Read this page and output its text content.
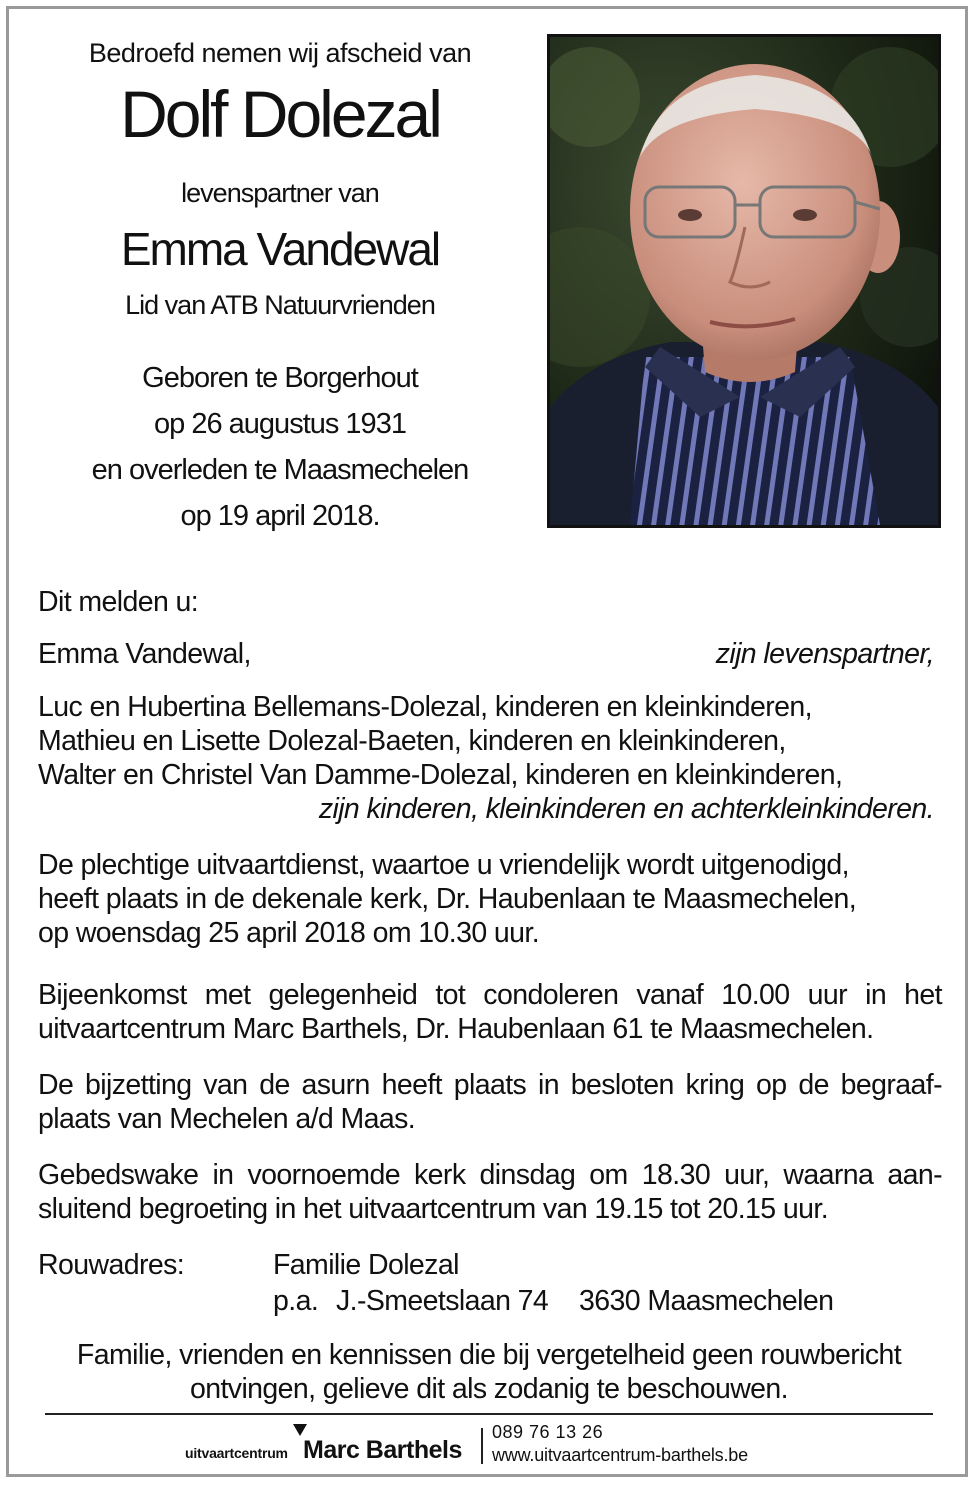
Bedroefd nemen wij afscheid van
Dolf Dolezal
levenspartner van
Emma Vandewal
Lid van ATB Natuurvrienden
Geboren te Borgerhout
op 26 augustus 1931
en overleden te Maasmechelen
op 19 april 2018.
Dit melden u:
Emma Vandewal,	zijn levenspartner,
Luc en Hubertina Bellemans-Dolezal, kinderen en kleinkinderen,
Mathieu en Lisette Dolezal-Baeten, kinderen en kleinkinderen,
Walter en Christel Van Damme-Dolezal, kinderen en kleinkinderen,
zijn kinderen, kleinkinderen en achterkleinkinderen.
De plechtige uitvaartdienst, waartoe u vriendelijk wordt uitgenodigd,
heeft plaats in de dekenale kerk, Dr. Haubenlaan te Maasmechelen,
op woensdag 25 april 2018 om 10.30 uur.
Bijeenkomst met gelegenheid tot condoleren vanaf 10.00 uur in het
uitvaartcentrum Marc Barthels, Dr. Haubenlaan 61 te Maasmechelen.
De bijzetting van de asurn heeft plaats in besloten kring op de begraaf-
plaats van Mechelen a/d Maas.
Gebedswake in voornoemde kerk dinsdag om 18.30 uur, waarna aan-
sluitend begroeting in het uitvaartcentrum van 19.15 tot 20.15 uur.
Rouwadres:	Familie Dolezal
p.a. J.-Smeetslaan 74 3630 Maasmechelen
Familie, vrienden en kennissen die bij vergetelheid geen rouwbericht
ontvingen, gelieve dit als zodanig te beschouwen.
uitvaartcentrum Marc Barthels
089 76 13 26
www.uitvaartcentrum-barthels.be
